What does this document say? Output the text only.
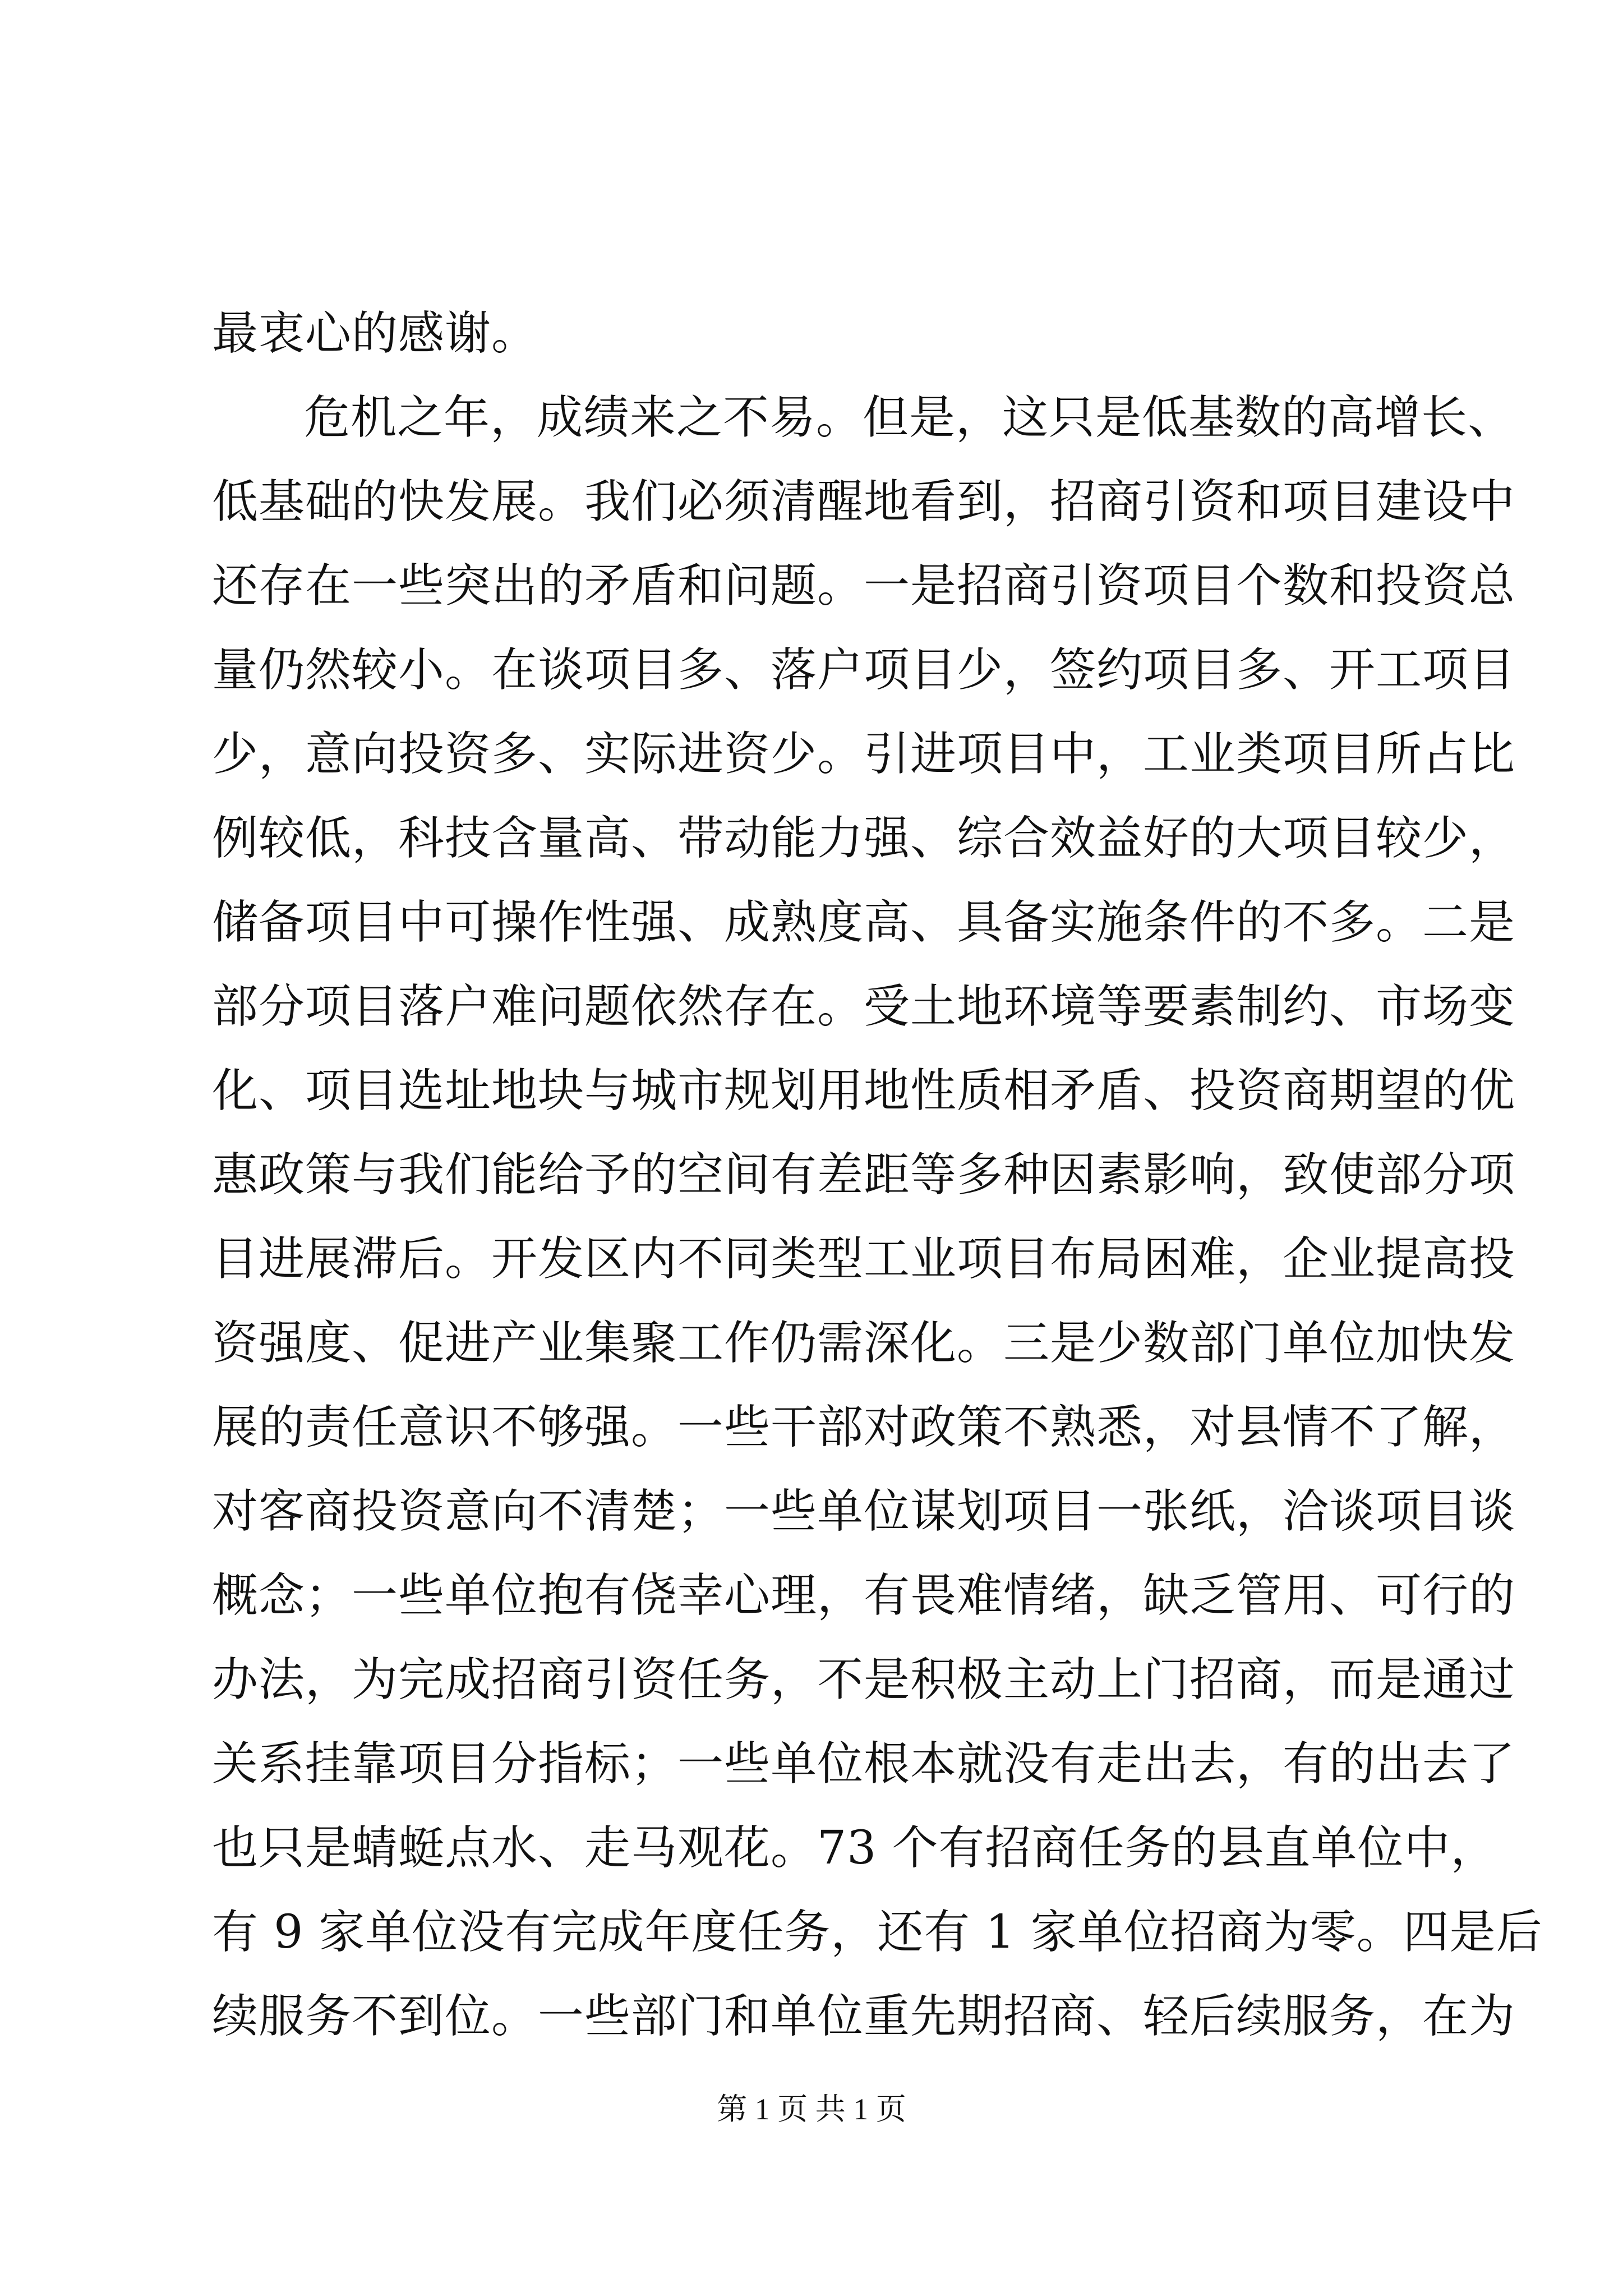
最衷心的感谢。
危机之年，成绩来之不易。但是，这只是低基数的高增长、
低基础的快发展。我们必须清醒地看到，招商引资和项目建设中
还存在一些突出的矛盾和问题。一是招商引资项目个数和投资总
量仍然较小。在谈项目多、落户项目少，签约项目多、开工项目
少，意向投资多、实际进资少。引进项目中，工业类项目所占比
例较低，科技含量高、带动能力强、综合效益好的大项目较少，
储备项目中可操作性强、成熟度高、具备实施条件的不多。二是
部分项目落户难问题依然存在。受土地环境等要素制约、市场变
化、项目选址地块与城市规划用地性质相矛盾、投资商期望的优
惠政策与我们能给予的空间有差距等多种因素影响，致使部分项
目进展滞后。开发区内不同类型工业项目布局困难，企业提高投
资强度、促进产业集聚工作仍需深化。三是少数部门单位加快发
展的责任意识不够强。一些干部对政策不熟悉，对县情不了解，
对客商投资意向不清楚；一些单位谋划项目一张纸，洽谈项目谈
概念；一些单位抱有侥幸心理，有畏难情绪，缺乏管用、可行的
办法，为完成招商引资任务，不是积极主动上门招商，而是通过
关系挂靠项目分指标；一些单位根本就没有走出去，有的出去了
也只是蜻蜓点水、走马观花。73 个有招商任务的县直单位中，
有 9 家单位没有完成年度任务，还有 1 家单位招商为零。四是后
续服务不到位。一些部门和单位重先期招商、轻后续服务，在为
第 1 页 共 1 页
